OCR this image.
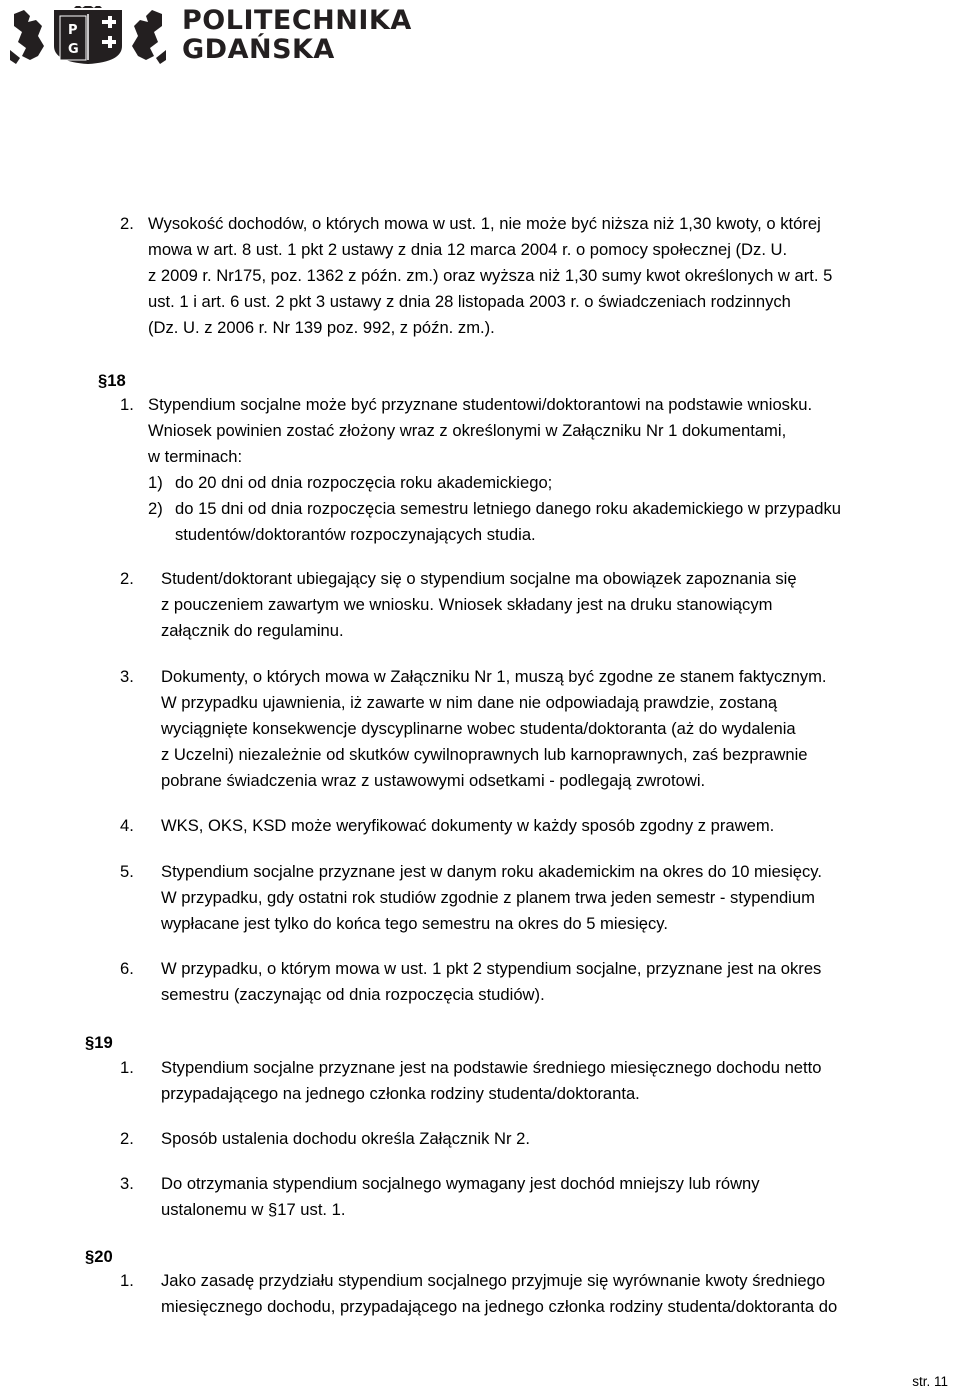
P
G
POLITECHNIKA
GDAŃSKA
2. Wysokość dochodów, o których mowa w ust. 1, nie może być niższa niż 1,30 kwoty, o której
mowa w art. 8 ust. 1 pkt 2 ustawy z dnia 12 marca 2004 r. o pomocy społecznej (Dz. U.
z 2009 r. Nr175, poz. 1362 z późn. zm.) oraz wyższa niż 1,30 sumy kwot określonych w art. 5
ust. 1 i art. 6 ust. 2 pkt 3 ustawy z dnia 28 listopada 2003 r. o świadczeniach rodzinnych
(Dz. U. z 2006 r. Nr 139 poz. 992, z późn. zm.).
§18
1. Stypendium socjalne może być przyznane studentowi/doktorantowi na podstawie wniosku.
Wniosek powinien zostać złożony wraz z określonymi w Załączniku Nr 1 dokumentami,
w terminach:
1) do 20 dni od dnia rozpoczęcia roku akademickiego;
2) do 15 dni od dnia rozpoczęcia semestru letniego danego roku akademickiego w przypadku
studentów/doktorantów rozpoczynających studia.
2. Student/doktorant ubiegający się o stypendium socjalne ma obowiązek zapoznania się
z pouczeniem zawartym we wniosku. Wniosek składany jest na druku stanowiącym
załącznik do regulaminu.
3. Dokumenty, o których mowa w Załączniku Nr 1, muszą być zgodne ze stanem faktycznym.
W przypadku ujawnienia, iż zawarte w nim dane nie odpowiadają prawdzie, zostaną
wyciągnięte konsekwencje dyscyplinarne wobec studenta/doktoranta (aż do wydalenia
z Uczelni) niezależnie od skutków cywilnoprawnych lub karnoprawnych, zaś bezprawnie
pobrane świadczenia wraz z ustawowymi odsetkami - podlegają zwrotowi.
4. WKS, OKS, KSD może weryfikować dokumenty w każdy sposób zgodny z prawem.
5. Stypendium socjalne przyznane jest w danym roku akademickim na okres do 10 miesięcy.
W przypadku, gdy ostatni rok studiów zgodnie z planem trwa jeden semestr - stypendium
wypłacane jest tylko do końca tego semestru na okres do 5 miesięcy.
6. W przypadku, o którym mowa w ust. 1 pkt 2 stypendium socjalne, przyznane jest na okres
semestru (zaczynając od dnia rozpoczęcia studiów).
§19
1. Stypendium socjalne przyznane jest na podstawie średniego miesięcznego dochodu netto
przypadającego na jednego członka rodziny studenta/doktoranta.
2. Sposób ustalenia dochodu określa Załącznik Nr 2.
3. Do otrzymania stypendium socjalnego wymagany jest dochód mniejszy lub równy
ustalonemu w §17 ust. 1.
§20
1. Jako zasadę przydziału stypendium socjalnego przyjmuje się wyrównanie kwoty średniego
miesięcznego dochodu, przypadającego na jednego członka rodziny studenta/doktoranta do
str. 11
